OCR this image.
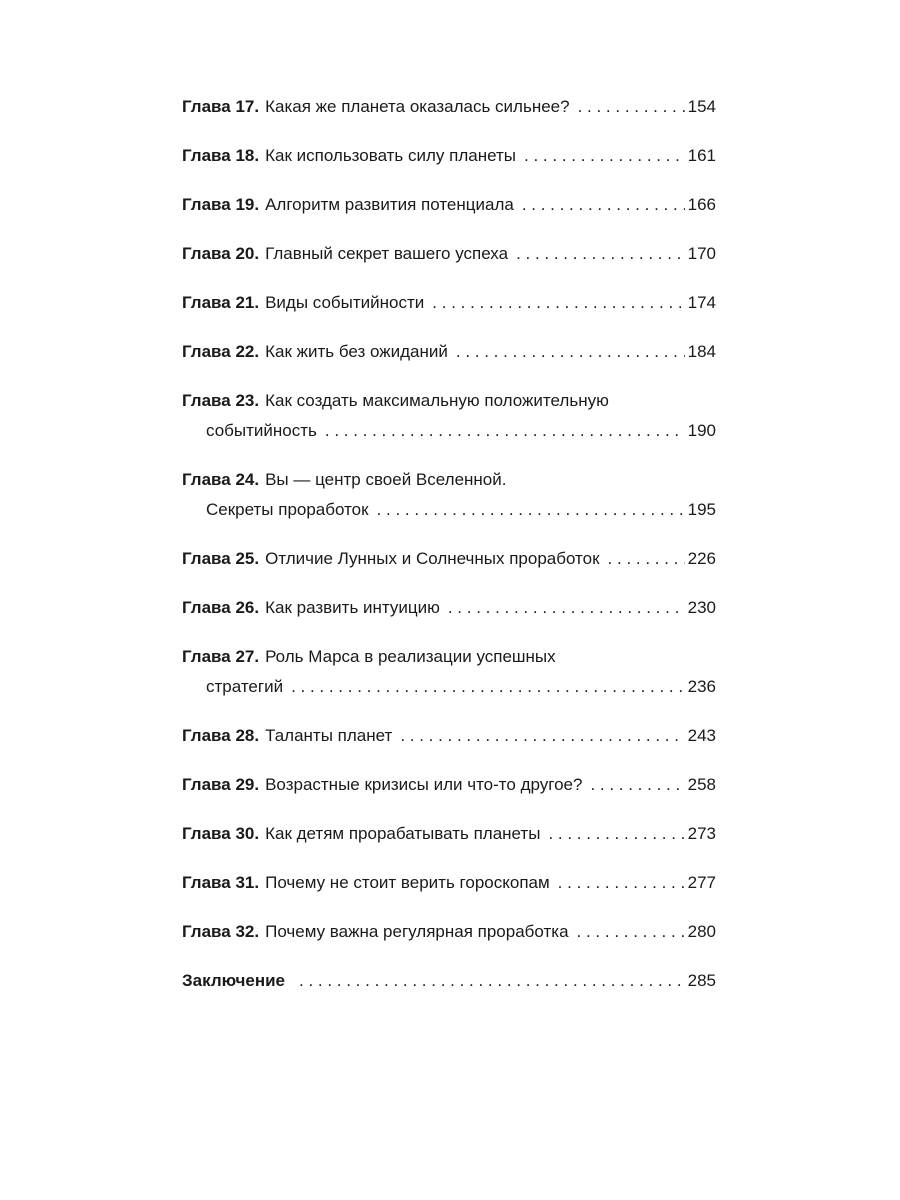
Глава 17. Какая же планета оказалась сильнее? . . .	154
Глава 18. Как использовать силу планеты . . .	161
Глава 19. Алгоритм развития потенциала . . .	166
Глава 20. Главный секрет вашего успеха . . .	170
Глава 21. Виды событийности . . .	174
Глава 22. Как жить без ожиданий . . .	184
Глава 23. Как создать максимальную положительную
событийность . . .	190
Глава 24. Вы — центр своей Вселенной.
Секреты проработок . . .	195
Глава 25. Отличие Лунных и Солнечных проработок . . .	226
Глава 26. Как развить интуицию . . .	230
Глава 27. Роль Марса в реализации успешных
стратегий . . .	236
Глава 28. Таланты планет . . .	243
Глава 29. Возрастные кризисы или что-то другое? . . .	258
Глава 30. Как детям прорабатывать планеты . . .	273
Глава 31. Почему не стоит верить гороскопам . . .	277
Глава 32. Почему важна регулярная проработка . . .	280
Заключение . . .	285
